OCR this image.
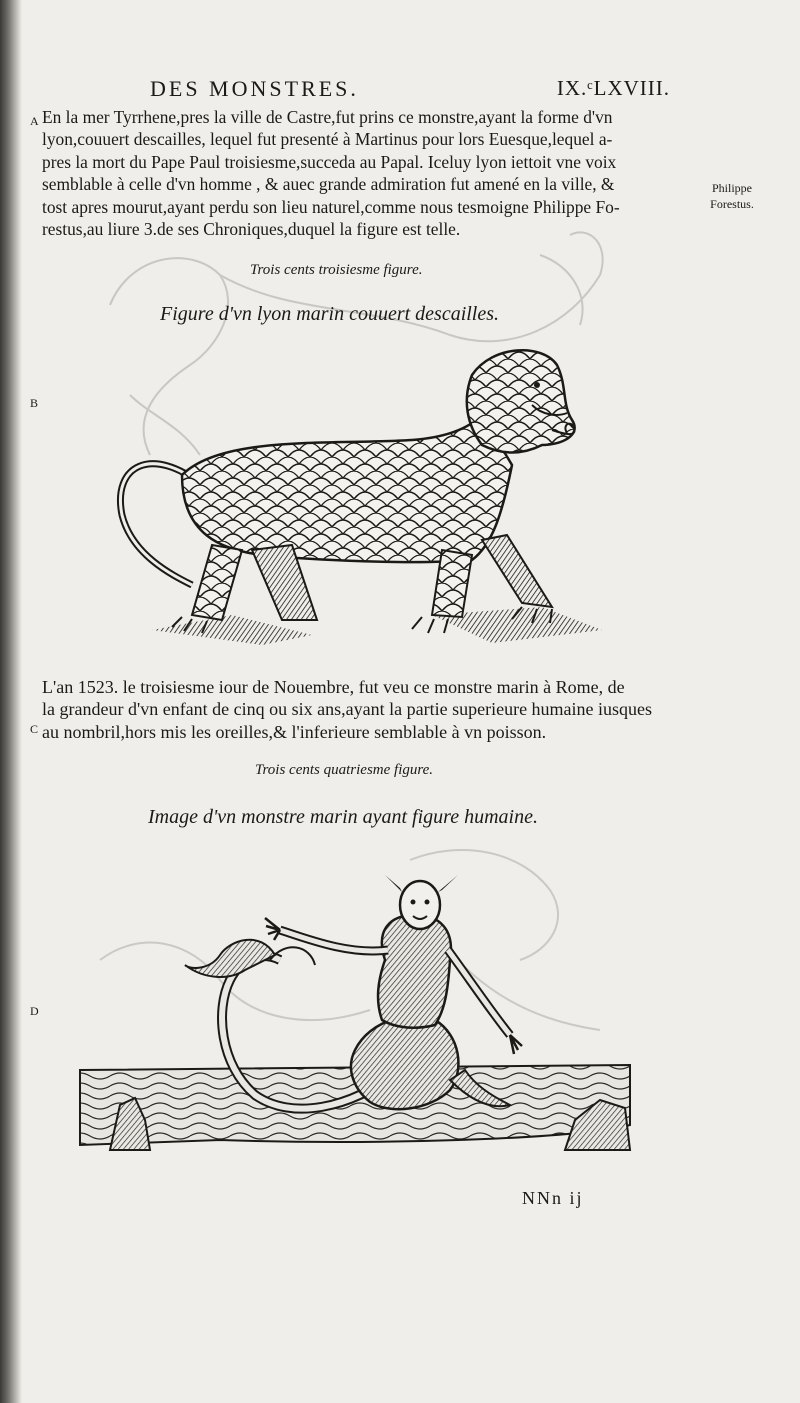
DES MONSTRES.	IX.ᶜLXVIII.
A En la mer Tyrrhene,pres la ville de Castre,fut prins ce monstre,ayant la forme d'vn
lyon,couuert descailles, lequel fut presenté à Martinus pour lors Euesque,lequel a-
pres la mort du Pape Paul troisiesme,succeda au Papal. Iceluy lyon iettoit vne voix
semblable à celle d'vn homme , & auec grande admiration fut amené en la ville, &
tost apres mourut,ayant perdu son lieu naturel,comme nous tesmoigne Philippe Fo-
restus,au liure 3.de ses Chroniques,duquel la figure est telle.
Philippe
Forestus.
Trois cents troisiesme figure.
Figure d'vn lyon marin couuert descailles.
B
L'an 1523. le troisiesme iour de Nouembre, fut veu ce monstre marin à Rome, de
la grandeur d'vn enfant de cinq ou six ans,ayant la partie superieure humaine iusques
au nombril,hors mis les oreilles,& l'inferieure semblable à vn poisson.
C
Trois cents quatriesme figure.
Image d'vn monstre marin ayant figure humaine.
D

NNn ij
